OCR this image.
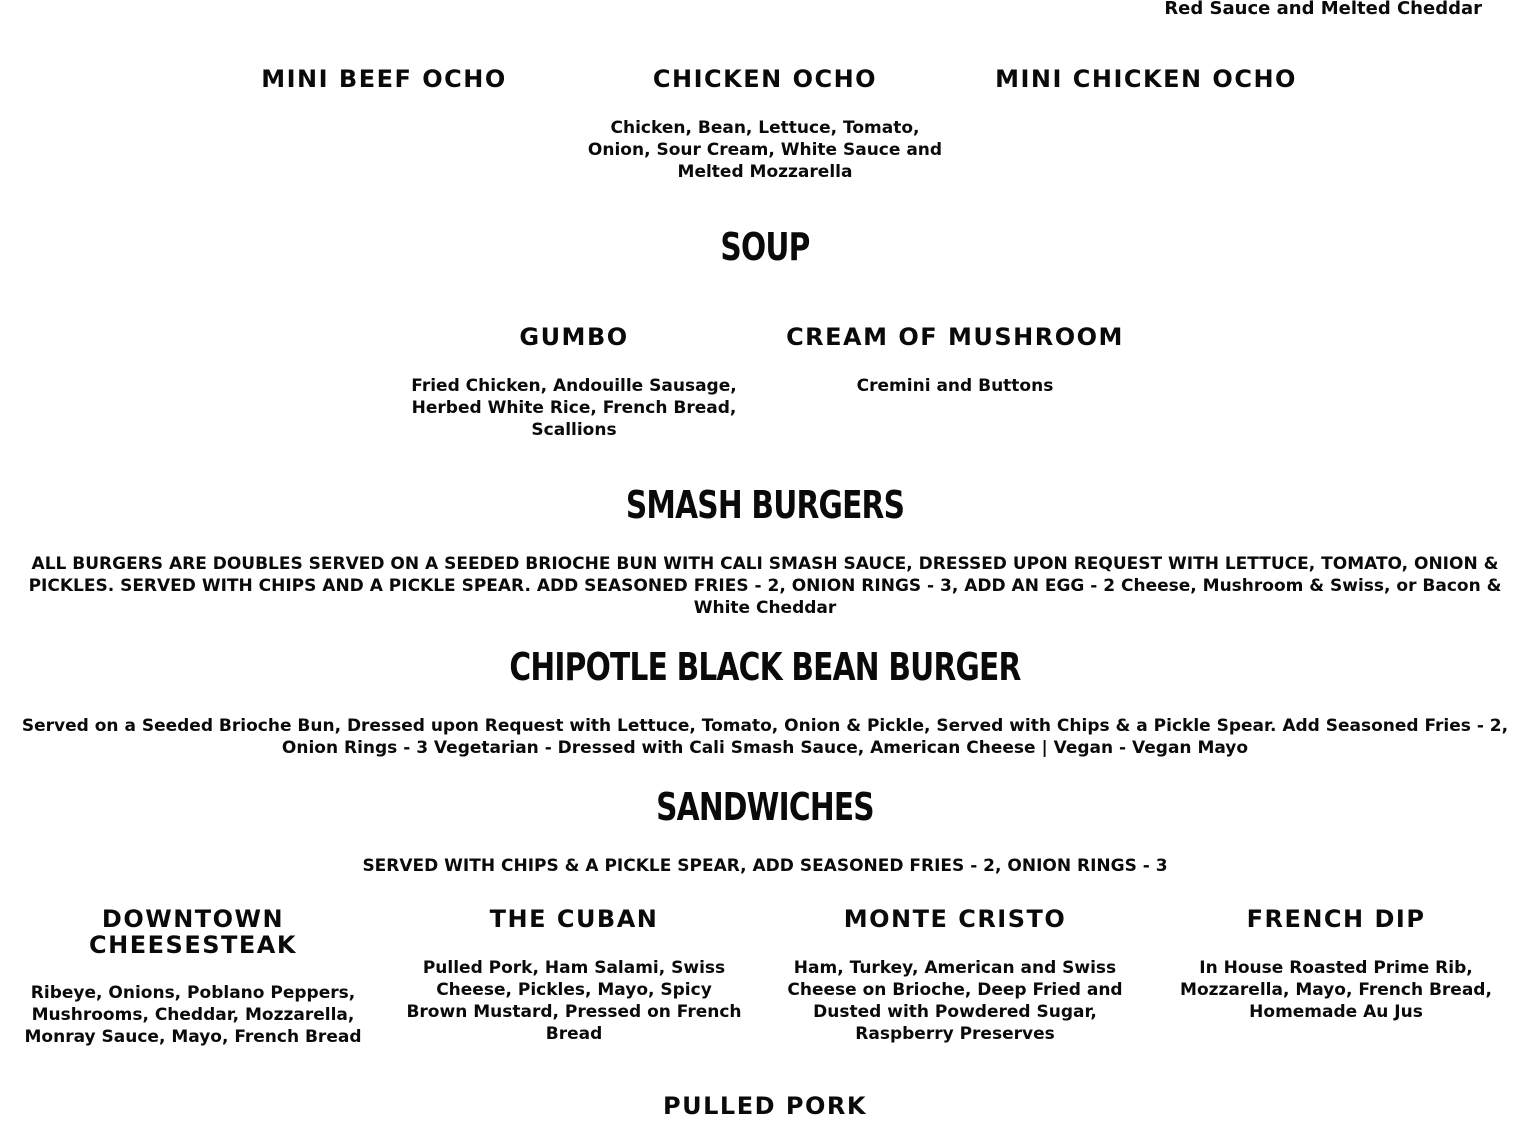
Red Sauce and Melted Cheddar
MINI BEEF OCHO	CHICKEN OCHO
Chicken, Bean, Lettuce, Tomato, Onion, Sour Cream, White Sauce and Melted Mozzarella
MINI CHICKEN OCHO
SOUP
GUMBO
Fried Chicken, Andouille Sausage, Herbed White Rice, French Bread, Scallions
CREAM OF MUSHROOM
Cremini and Buttons
SMASH BURGERS
ALL BURGERS ARE DOUBLES SERVED ON A SEEDED BRIOCHE BUN WITH CALI SMASH SAUCE, DRESSED UPON REQUEST WITH LETTUCE, TOMATO, ONION & PICKLES. SERVED WITH CHIPS AND A PICKLE SPEAR. ADD SEASONED FRIES - 2, ONION RINGS - 3, ADD AN EGG - 2 Cheese, Mushroom & Swiss, or Bacon & White Cheddar
CHIPOTLE BLACK BEAN BURGER
Served on a Seeded Brioche Bun, Dressed upon Request with Lettuce, Tomato, Onion & Pickle, Served with Chips & a Pickle Spear. Add Seasoned Fries - 2, Onion Rings - 3 Vegetarian - Dressed with Cali Smash Sauce, American Cheese | Vegan - Vegan Mayo
SANDWICHES
SERVED WITH CHIPS & A PICKLE SPEAR, ADD SEASONED FRIES - 2, ONION RINGS - 3
DOWNTOWN CHEESESTEAK
Ribeye, Onions, Poblano Peppers, Mushrooms, Cheddar, Mozzarella, Monray Sauce, Mayo, French Bread
THE CUBAN
Pulled Pork, Ham Salami, Swiss Cheese, Pickles, Mayo, Spicy Brown Mustard, Pressed on French Bread
MONTE CRISTO
Ham, Turkey, American and Swiss Cheese on Brioche, Deep Fried and Dusted with Powdered Sugar, Raspberry Preserves
FRENCH DIP
In House Roasted Prime Rib, Mozzarella, Mayo, French Bread, Homemade Au Jus
PULLED PORK
